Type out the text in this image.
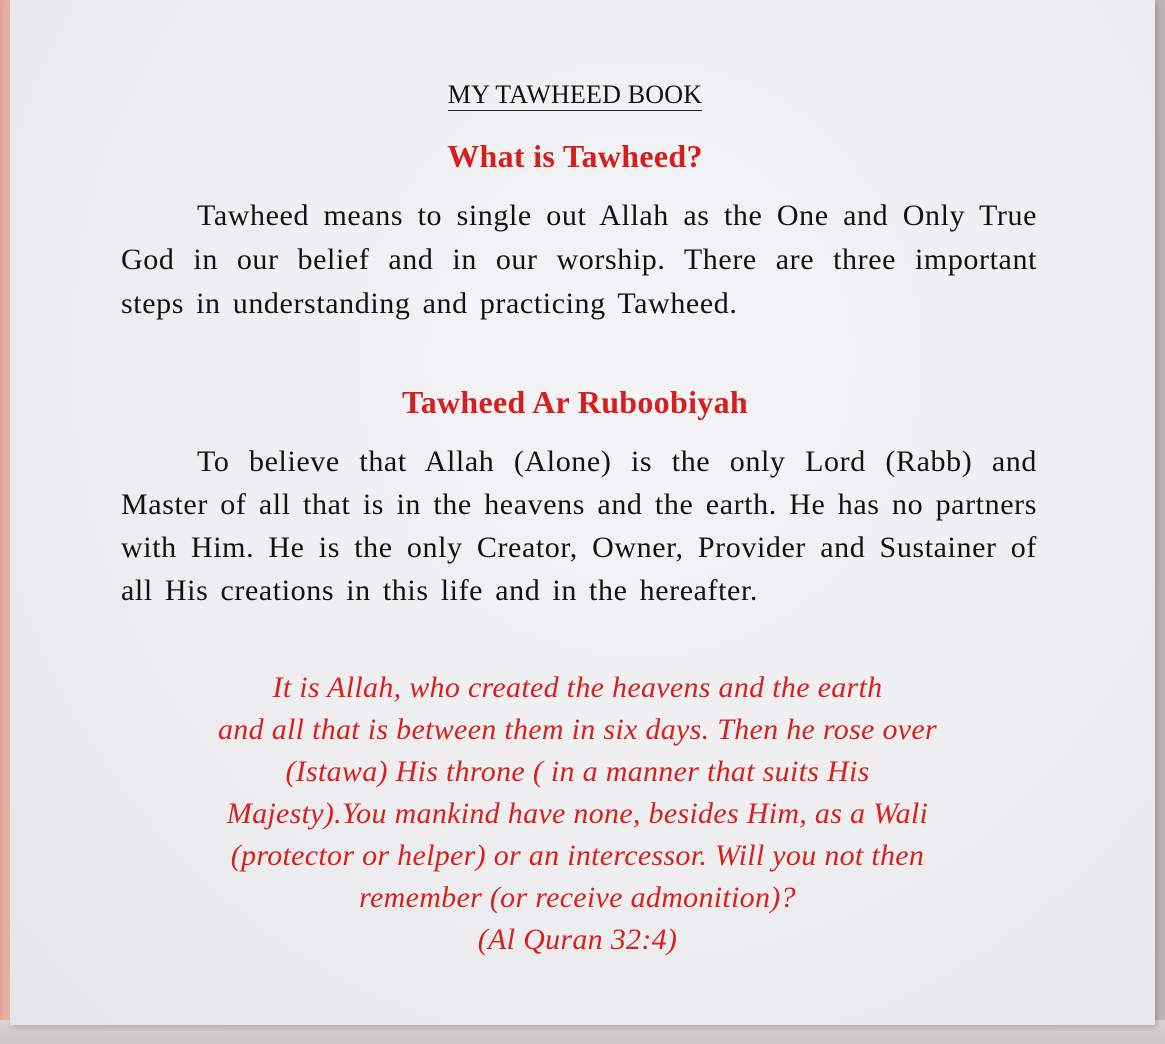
MY TAWHEED BOOK
What is Tawheed?
Tawheed means to single out Allah as the One and Only True God in our belief and in our worship. There are three important steps in understanding and practicing Tawheed.
Tawheed Ar Ruboobiyah
To believe that Allah (Alone) is the only Lord (Rabb) and Master of all that is in the heavens and the earth. He has no partners with Him. He is the only Creator, Owner, Provider and Sustainer of all His creations in this life and in the hereafter.
It is Allah, who created the heavens and the earth
and all that is between them in six days. Then he rose over
(Istawa) His throne ( in a manner that suits His
Majesty).You mankind have none, besides Him, as a Wali
(protector or helper) or an intercessor. Will you not then
remember (or receive admonition)?
(Al Quran 32:4)
